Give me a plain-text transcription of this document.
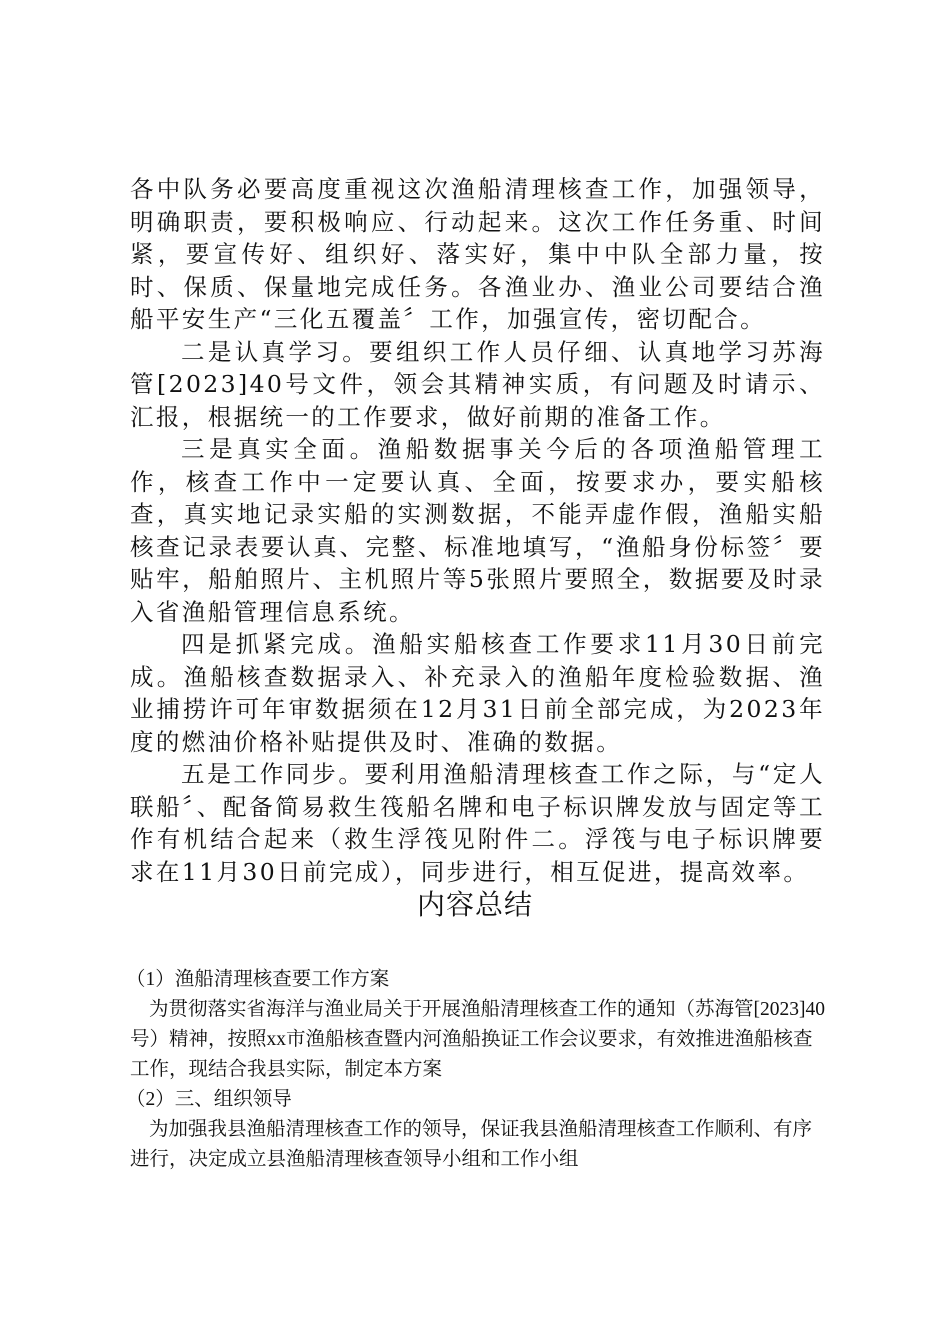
各中队务必要高度重视这次渔船清理核查工作，加强领导，明确职责，要积极响应、行动起来。这次工作任务重、时间紧，要宣传好、组织好、落实好，集中中队全部力量，按时、保质、保量地完成任务。各渔业办、渔业公司要结合渔船平安生产“三化五覆盖〞工作，加强宣传，密切配合。

二是认真学习。要组织工作人员仔细、认真地学习苏海管[2023]40号文件，领会其精神实质，有问题及时请示、汇报，根据统一的工作要求，做好前期的准备工作。

三是真实全面。渔船数据事关今后的各项渔船管理工作，核查工作中一定要认真、全面，按要求办，要实船核查，真实地记录实船的实测数据，不能弄虚作假，渔船实船核查记录表要认真、完整、标准地填写，“渔船身份标签〞要贴牢，船舶照片、主机照片等5张照片要照全，数据要及时录入省渔船管理信息系统。

四是抓紧完成。渔船实船核查工作要求11月30日前完成。渔船核查数据录入、补充录入的渔船年度检验数据、渔业捕捞许可年审数据须在12月31日前全部完成，为2023年度的燃油价格补贴提供及时、准确的数据。

五是工作同步。要利用渔船清理核查工作之际，与“定人联船〞、配备简易救生筏船名牌和电子标识牌发放与固定等工作有机结合起来（救生浮筏见附件二。浮筏与电子标识牌要求在11月30日前完成），同步进行，相互促进，提高效率。

内容总结

（1）渔船清理核查要工作方案

为贯彻落实省海洋与渔业局关于开展渔船清理核查工作的通知（苏海管[2023]40号）精神，按照xx市渔船核查暨内河渔船换证工作会议要求，有效推进渔船核查工作，现结合我县实际，制定本方案

（2）三、组织领导

为加强我县渔船清理核查工作的领导，保证我县渔船清理核查工作顺利、有序进行，决定成立县渔船清理核查领导小组和工作小组
